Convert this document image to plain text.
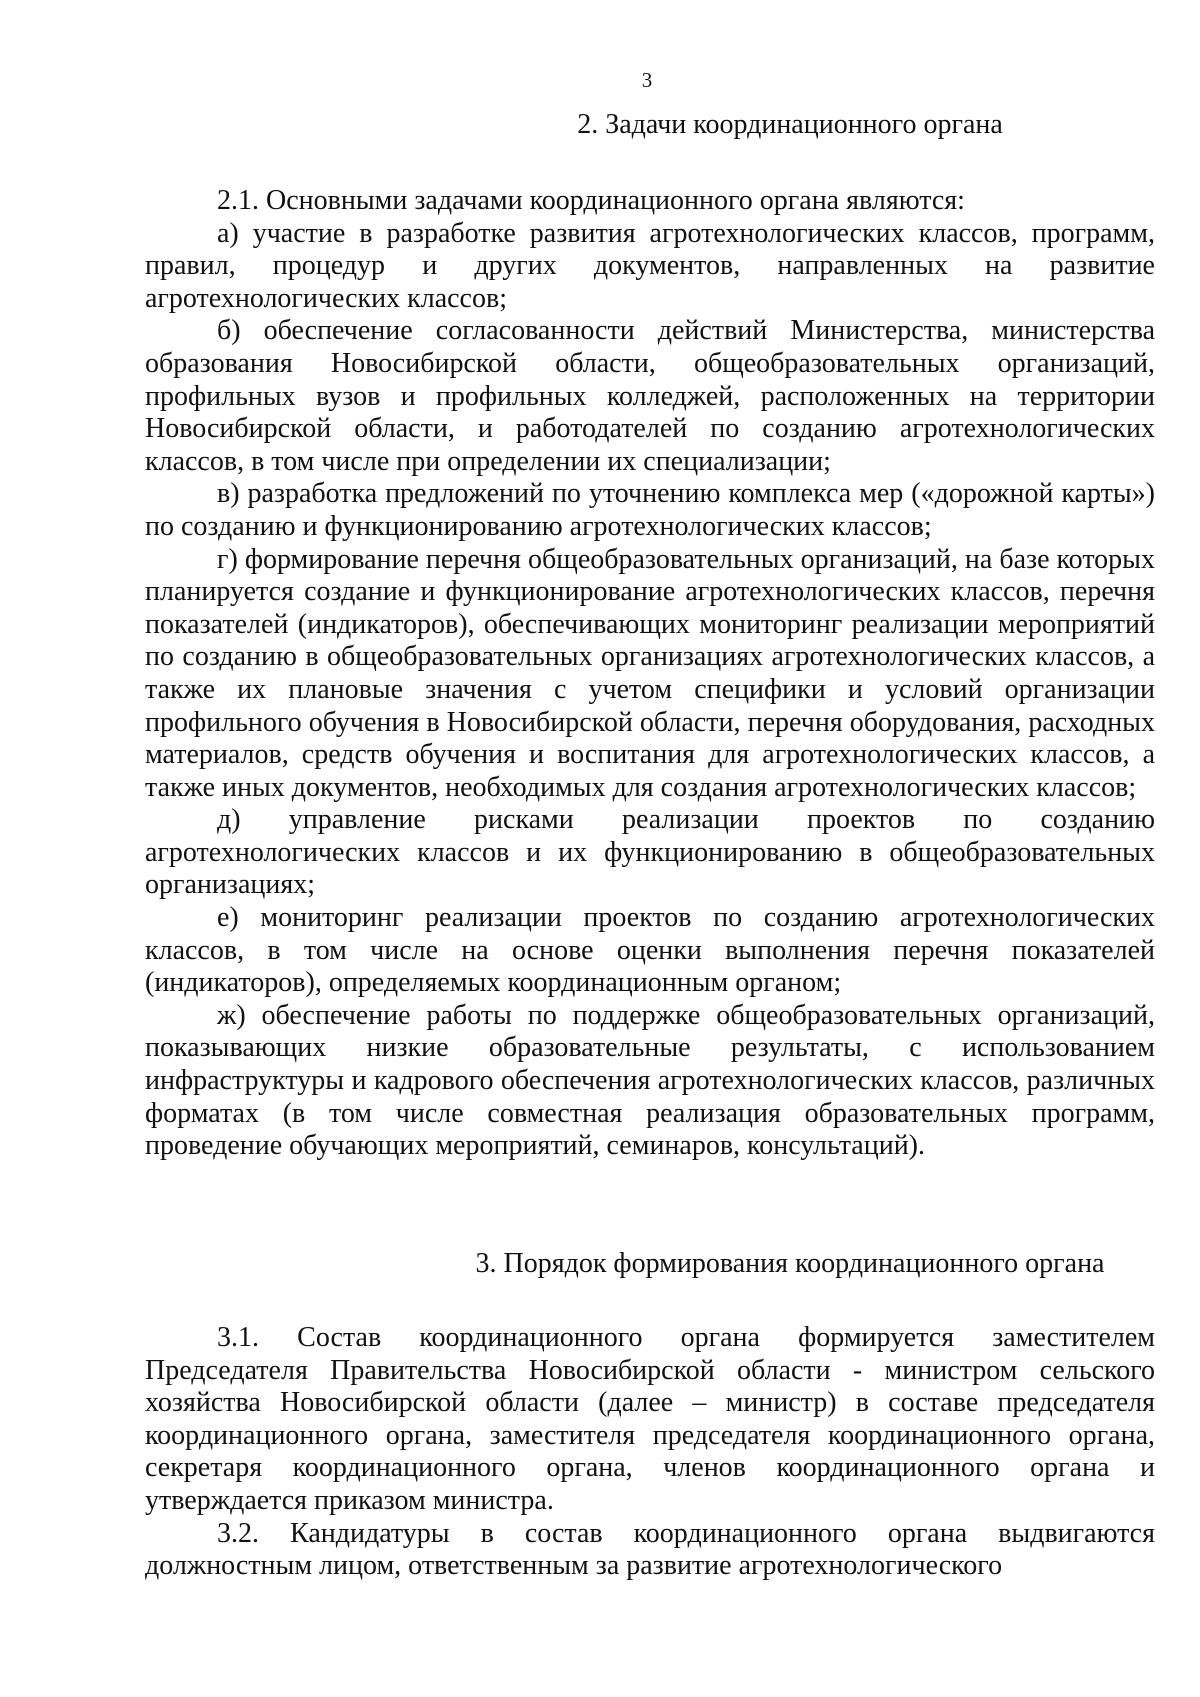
3
2. Задачи координационного органа

2.1. Основными задачами координационного органа являются:

а) участие в разработке развития агротехнологических классов, программ, правил, процедур и других документов, направленных на развитие агротехнологических классов;

б) обеспечение согласованности действий Министерства, министерства образования Новосибирской области, общеобразовательных организаций, профильных вузов и профильных колледжей, расположенных на территории Новосибирской области, и работодателей по созданию агротехнологических классов, в том числе при определении их специализации;

в) разработка предложений по уточнению комплекса мер («дорожной карты») по созданию и функционированию агротехнологических классов;

г) формирование перечня общеобразовательных организаций, на базе которых планируется создание и функционирование агротехнологических классов, перечня показателей (индикаторов), обеспечивающих мониторинг реализации мероприятий по созданию в общеобразовательных организациях агротехнологических классов, а также их плановые значения с учетом специфики и условий организации профильного обучения в Новосибирской области, перечня оборудования, расходных материалов, средств обучения и воспитания для агротехнологических классов, а также иных документов, необходимых для создания агротехнологических классов;

д) управление рисками реализации проектов по созданию агротехнологических классов и их функционированию в общеобразовательных организациях;

е) мониторинг реализации проектов по созданию агротехнологических классов, в том числе на основе оценки выполнения перечня показателей (индикаторов), определяемых координационным органом;

ж) обеспечение работы по поддержке общеобразовательных организаций, показывающих низкие образовательные результаты, с использованием инфраструктуры и кадрового обеспечения агротехнологических классов, различных форматах (в том числе совместная реализация образовательных программ, проведение обучающих мероприятий, семинаров, консультаций).

3. Порядок формирования координационного органа

3.1. Состав координационного органа формируется заместителем Председателя Правительства Новосибирской области - министром сельского хозяйства Новосибирской области (далее – министр) в составе председателя координационного органа, заместителя председателя координационного органа, секретаря координационного органа, членов координационного органа и утверждается приказом министра.

3.2. Кандидатуры в состав координационного органа выдвигаются должностным лицом, ответственным за развитие агротехнологического
